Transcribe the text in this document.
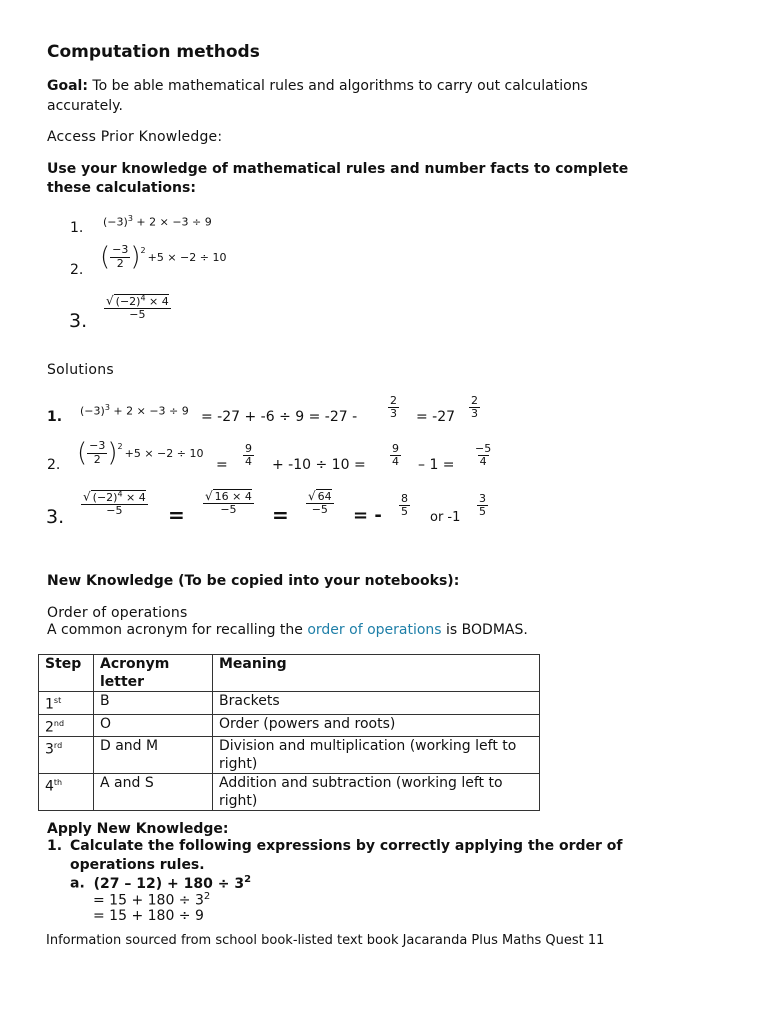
Computation methods
Goal: To be able mathematical rules and algorithms to carry out calculations
accurately.
Access Prior Knowledge:
Use your knowledge of mathematical rules and number facts to complete
these calculations:
1. $(-3)^3 + 2 \times -3 \div 9$
2. ( $\frac{-3}{2}$ ) 2 +5 × −2 ÷ 10
3.
$\frac{√ (-2)^4 \times 4}{-5}$
Solutions
1. $(-3)^3 + 2 \times -3 \div 9 = -27 + -6 \div 9 = -27$ -	$\frac{2}{3} = -27 \frac{2}{3}$
2. ( $\frac{-3}{2}$ ) 2 +5 × −2 ÷ 10
= $\frac{9}{4} + -10 \div 10 = \frac{9}{4} - 1 = \frac{-5}{4}$
3.
$\frac{√ (-2)^4 \times 4}{-5} = \frac{√ 16 \times 4}{-5} = \frac{√ 64}{-5}$ = - $\frac{8}{5}$ or $-1 \frac{3}{5}$
New Knowledge (To be copied into your notebooks):
Order of operations
A common acronym for recalling the order of operations is BODMAS.
Step	Acronym letter	Meaning
1st	B	Brackets
2nd	O	Order (powers and roots)
3rd	D and M	Division and multiplication (working left to right)
4th	A and S	Addition and subtraction (working left to right)
Apply New Knowledge:
1. Calculate the following expressions by correctly applying the order of
operations rules.
a. $(27 - 12) + 180 \div 3^2$
= $15 + 180 \div 3^2$
= 15 + 180 ÷ 9
Information sourced from school book-listed text book Jacaranda Plus Maths Quest 11
